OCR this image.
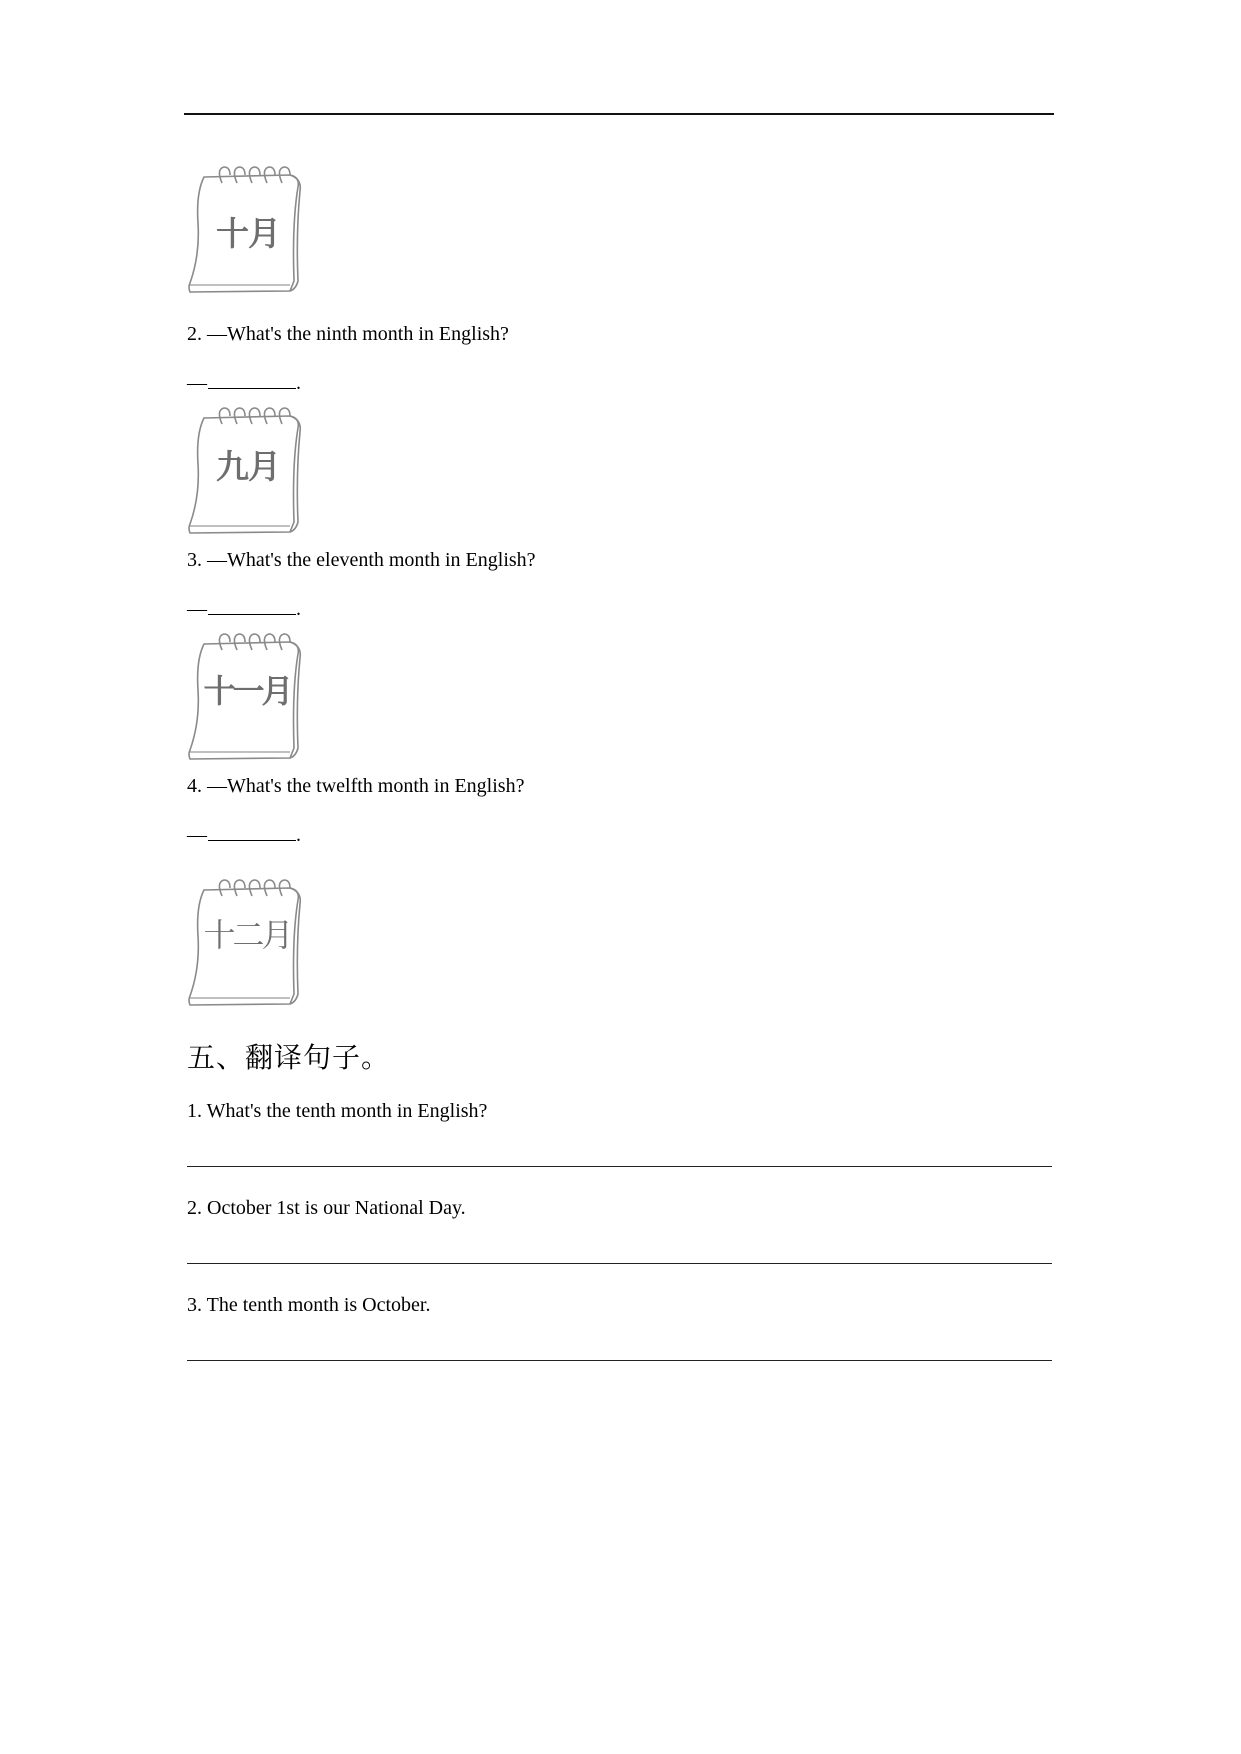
十月
2. —What's the ninth month in English?
—	.
九月
3. —What's the eleventh month in English?
—	.
十一月
4. —What's the twelfth month in English?
—	.
十二月
五、翻译句子。
1. What's the tenth month in English?
2. October 1st is our National Day.
3. The tenth month is October.
